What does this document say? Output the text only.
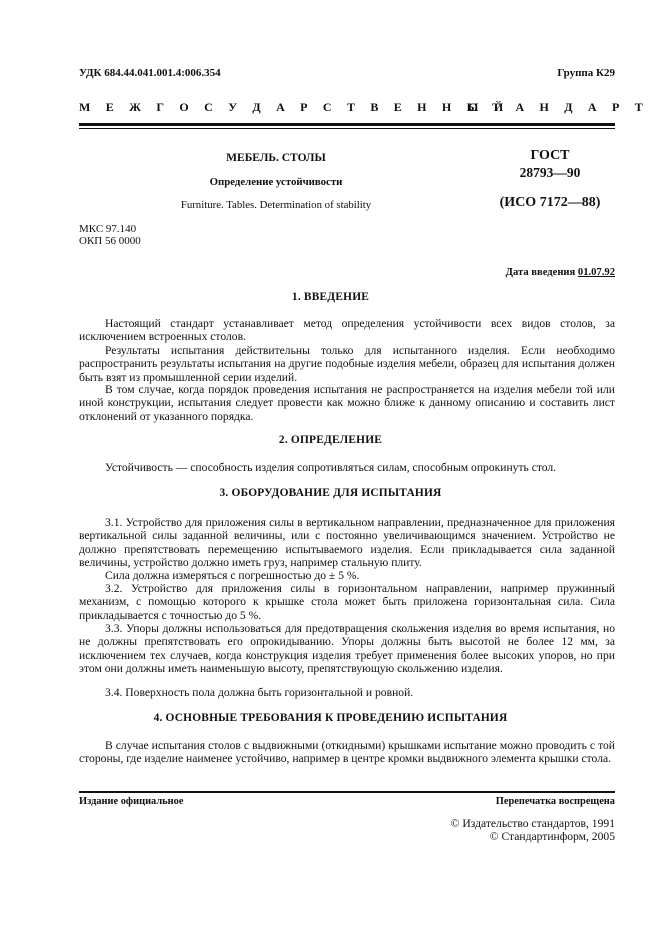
УДК 684.44.041.001.4:006.354	Группа К29
М Е Ж Г О С У Д А Р С Т В Е Н Н Ы Й
С Т А Н Д А Р Т
МЕБЕЛЬ. СТОЛЫ
Определение устойчивости
Furniture. Tables. Determination of stability
ГОСТ
28793—90
(ИСО 7172—88)
МКС 97.140
ОКП 56 0000
Дата введения 01.07.92
1. ВВЕДЕНИЕ

Настоящий стандарт устанавливает метод определения устойчивости всех видов столов, за исключением встроенных столов.

Результаты испытания действительны только для испытанного изделия. Если необходимо распространить результаты испытания на другие подобные изделия мебели, образец для испытания должен быть взят из промышленной серии изделий.

В том случае, когда порядок проведения испытания не распространяется на изделия мебели той или иной конструкции, испытания следует провести как можно ближе к данному описанию и составить лист отклонений от указанного порядка.

2. ОПРЕДЕЛЕНИЕ

Устойчивость — способность изделия сопротивляться силам, способным опрокинуть стол.

3. ОБОРУДОВАНИЕ ДЛЯ ИСПЫТАНИЯ

3.1. Устройство для приложения силы в вертикальном направлении, предназначенное для приложения вертикальной силы заданной величины, или с постоянно увеличивающимся значением. Устройство не должно препятствовать перемещению испытываемого изделия. Если прикладывается сила заданной величины, устройство должно иметь груз, например стальную плиту.

Сила должна измеряться с погрешностью до ± 5 %.

3.2. Устройство для приложения силы в горизонтальном направлении, например пружинный механизм, с помощью которого к крышке стола может быть приложена горизонтальная сила. Сила прикладывается с точностью до 5 %.

3.3. Упоры должны использоваться для предотвращения скольжения изделия во время испытания, но не должны препятствовать его опрокидыванию. Упоры должны быть высотой не более 12 мм, за исключением тех случаев, когда конструкция изделия требует применения более высоких упоров, но при этом они должны иметь наименьшую высоту, препятствующую скольжению изделия.

3.4. Поверхность пола должна быть горизонтальной и ровной.

4. ОСНОВНЫЕ ТРЕБОВАНИЯ К ПРОВЕДЕНИЮ ИСПЫТАНИЯ

В случае испытания столов с выдвижными (откидными) крышками испытание можно проводить с той стороны, где изделие наименее устойчиво, например в центре кромки выдвижного элемента крышки стола.

Издание официальное	Перепечатка воспрещена
© Издательство стандартов, 1991
© Стандартинформ, 2005
